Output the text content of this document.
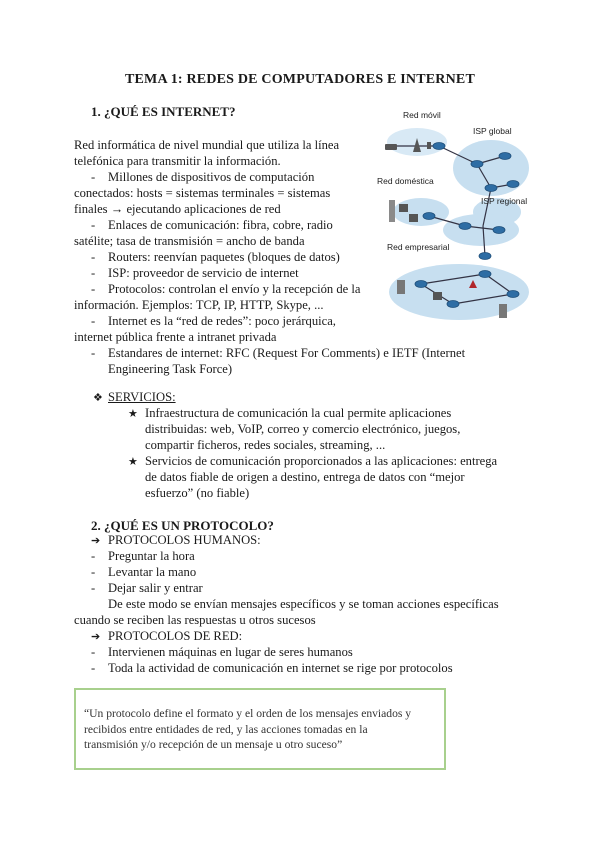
TEMA 1: REDES DE COMPUTADORES E INTERNET
1. ¿QUÉ ES INTERNET?
Red informática de nivel mundial que utiliza la línea
telefónica para transmitir la información.
- Millones de dispositivos de computación
conectados: hosts = sistemas terminales = sistemas
finales → ejecutando aplicaciones de red
- Enlaces de comunicación: fibra, cobre, radio
satélite; tasa de transmisión = ancho de banda
- Routers: reenvían paquetes (bloques de datos)
- ISP: proveedor de servicio de internet
- Protocolos: controlan el envío y la recepción de la
información. Ejemplos: TCP, IP, HTTP, Skype, ...
- Internet es la “red de redes”: poco jerárquica,
internet pública frente a intranet privada
- Estandares de internet: RFC (Request For Comments) e IETF (Internet
Engineering Task Force)
Red móvil
ISP global
Red doméstica
ISP regional
Red empresarial
❖ SERVICIOS:
★ Infraestructura de comunicación la cual permite aplicaciones
distribuidas: web, VoIP, correo y comercio electrónico, juegos,
compartir ficheros, redes sociales, streaming, ...
★ Servicios de comunicación proporcionados a las aplicaciones: entrega
de datos fiable de origen a destino, entrega de datos con “mejor
esfuerzo” (no fiable)
2. ¿QUÉ ES UN PROTOCOLO?
➔ PROTOCOLOS HUMANOS:
- Preguntar la hora
- Levantar la mano
- Dejar salir y entrar
De este modo se envían mensajes específicos y se toman acciones específicas
cuando se reciben las respuestas u otros sucesos
➔ PROTOCOLOS DE RED:
- Intervienen máquinas en lugar de seres humanos
- Toda la actividad de comunicación en internet se rige por protocolos
“Un protocolo define el formato y el orden de los mensajes enviados y
recibidos entre entidades de red, y las acciones tomadas en la
transmisión y/o recepción de un mensaje u otro suceso”
